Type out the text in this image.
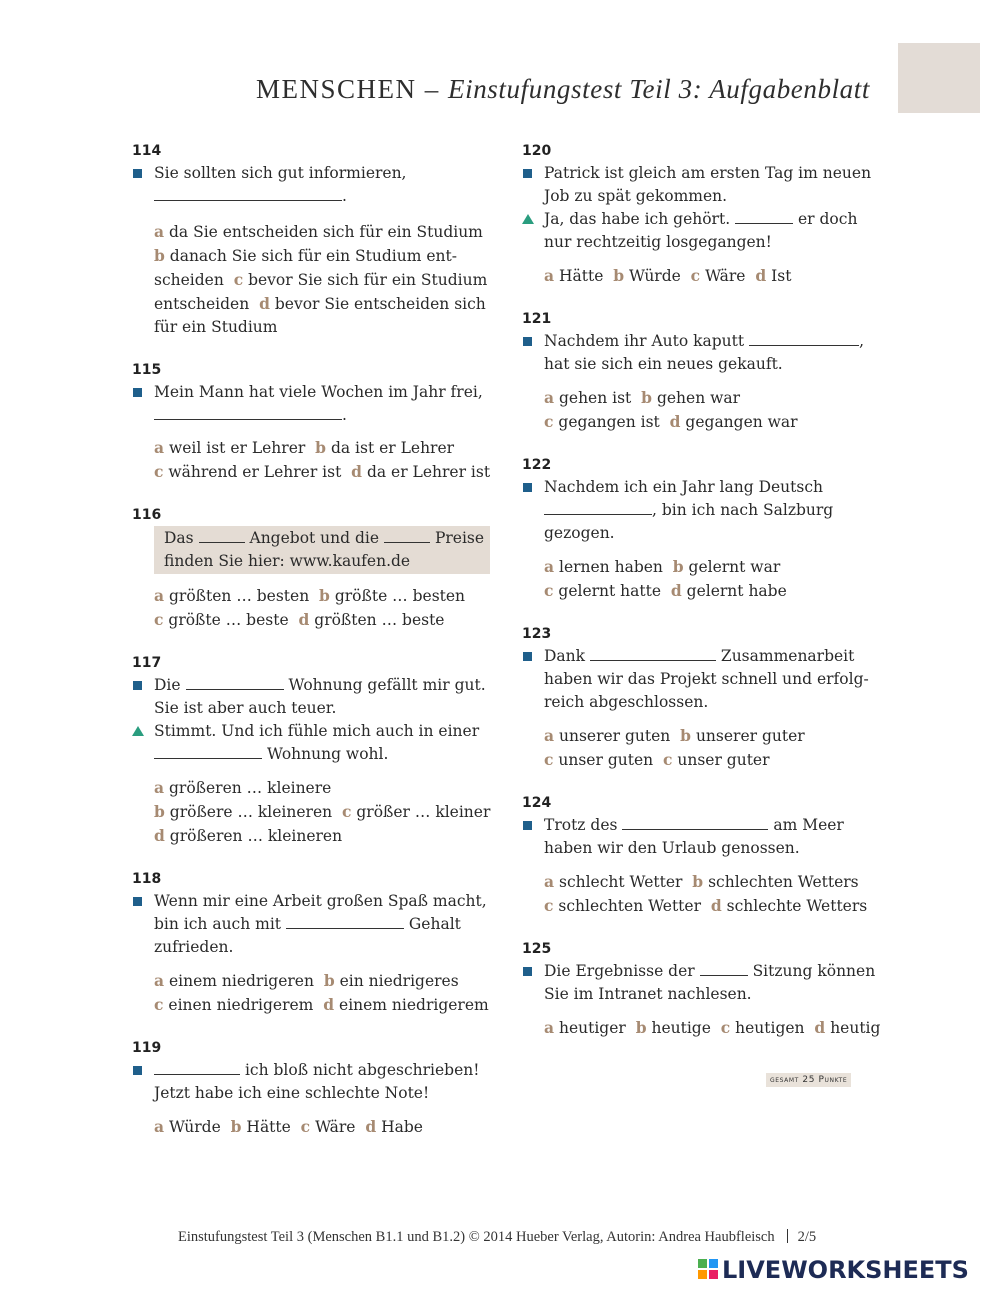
MENSCHEN – Einstufungstest Teil 3: Aufgabenblatt
114
Sie sollten sich gut informieren,
.
a da Sie entscheiden sich für ein Studium
b danach Sie sich für ein Studium ent-
scheiden c bevor Sie sich für ein Studium
entscheiden d bevor Sie entscheiden sich
für ein Studium
115
Mein Mann hat viele Wochen im Jahr frei,
.
a weil ist er Lehrer b da ist er Lehrer
c während er Lehrer ist d da er Lehrer ist
116
Das	Angebot und die	Preise
finden Sie hier: www.kaufen.de
a größten … besten b größte … besten
c größte … beste d größten … beste
117
Die	Wohnung gefällt mir gut.
Sie ist aber auch teuer.
Stimmt. Und ich fühle mich auch in einer
Wohnung wohl.
a größeren … kleinere
b größere … kleineren c größer … kleiner
d größeren … kleineren
118
Wenn mir eine Arbeit großen Spaß macht,
bin ich auch mit	Gehalt
zufrieden.
a einem niedrigeren b ein niedrigeres
c einen niedrigerem d einem niedrigerem
119
ich bloß nicht abgeschrieben!
Jetzt habe ich eine schlechte Note!
a Würde b Hätte c Wäre d Habe
120
Patrick ist gleich am ersten Tag im neuen
Job zu spät gekommen.
Ja, das habe ich gehört.	er doch
nur rechtzeitig losgegangen!
a Hätte b Würde c Wäre d Ist
121
Nachdem ihr Auto kaputt	,
hat sie sich ein neues gekauft.
a gehen ist b gehen war
c gegangen ist d gegangen war
122
Nachdem ich ein Jahr lang Deutsch
, bin ich nach Salzburg
gezogen.
a lernen haben b gelernt war
c gelernt hatte d gelernt habe
123
Dank	Zusammenarbeit
haben wir das Projekt schnell und erfolg-
reich abgeschlossen.
a unserer guten b unserer guter
c unser guten c unser guter
124
Trotz des	am Meer
haben wir den Urlaub genossen.
a schlecht Wetter b schlechten Wetters
c schlechten Wetter d schlechte Wetters
125
Die Ergebnisse der	Sitzung können
Sie im Intranet nachlesen.
a heutiger b heutige c heutigen d heutig
gesamt 25 Punkte
Einstufungstest Teil 3 (Menschen B1.1 und B1.2) © 2014 Hueber Verlag, Autorin: Andrea Haubfleisch 2/5
LIVEWORKSHEETS
